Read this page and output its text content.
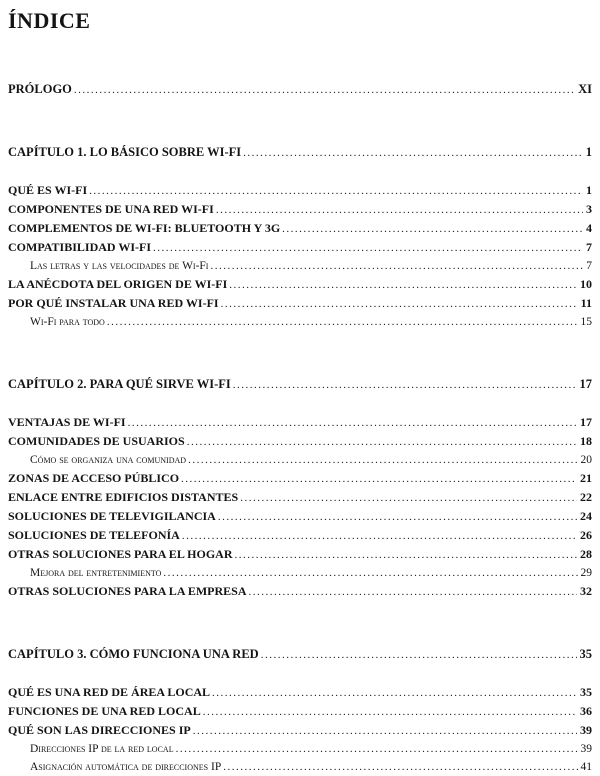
ÍNDICE
PRÓLOGO .....	XI
CAPÍTULO 1. LO BÁSICO SOBRE WI-FI .....	1
QUÉ ES WI-FI .....	1
COMPONENTES DE UNA RED WI-FI .....	3
COMPLEMENTOS DE WI-FI: BLUETOOTH Y 3G .....	4
COMPATIBILIDAD WI-FI .....	7
Las letras y las velocidades de Wi-Fi .....	7
LA ANÉCDOTA DEL ORIGEN DE WI-FI .....	10
POR QUÉ INSTALAR UNA RED WI-FI .....	11
Wi-Fi para todo .....	15
CAPÍTULO 2. PARA QUÉ SIRVE WI-FI .....	17
VENTAJAS DE WI-FI .....	17
COMUNIDADES DE USUARIOS .....	18
Cómo se organiza una comunidad .....	20
ZONAS DE ACCESO PÚBLICO .....	21
ENLACE ENTRE EDIFICIOS DISTANTES .....	22
SOLUCIONES DE TELEVIGILANCIA .....	24
SOLUCIONES DE TELEFONÍA .....	26
OTRAS SOLUCIONES PARA EL HOGAR .....	28
Mejora del entretenimiento .....	29
OTRAS SOLUCIONES PARA LA EMPRESA .....	32
CAPÍTULO 3. CÓMO FUNCIONA UNA RED .....	35
QUÉ ES UNA RED DE ÁREA LOCAL .....	35
FUNCIONES DE UNA RED LOCAL .....	36
QUÉ SON LAS DIRECCIONES IP .....	39
Direcciones IP de la red local .....	39
Asignación automática de direcciones IP .....	41
